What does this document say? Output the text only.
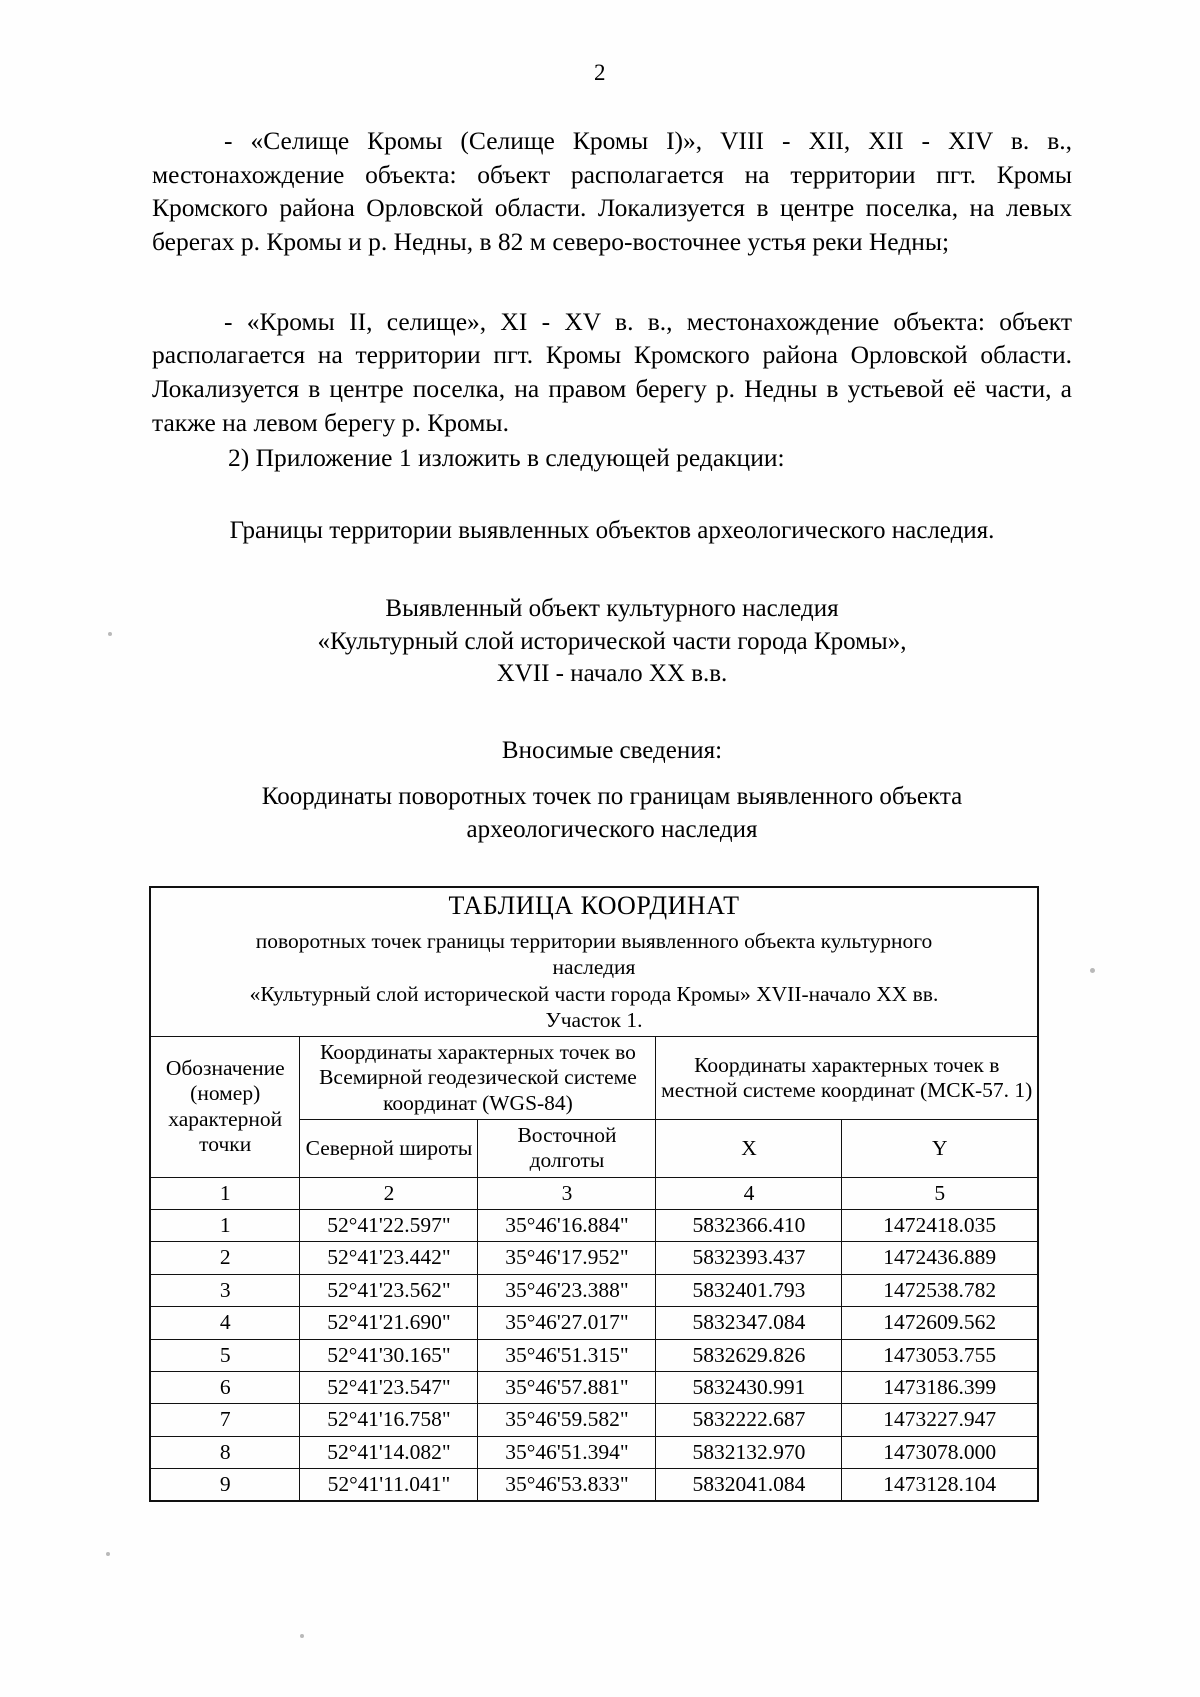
2

- «Селище Кромы (Селище Кромы I)», VIII - XII, XII - XIV в. в., местонахождение объекта: объект располагается на территории пгт. Кромы Кромского района Орловской области. Локализуется в центре поселка, на левых берегах р. Кромы и р. Недны, в 82 м северо-восточнее устья реки Недны;

- «Кромы II, селище», XI - XV в. в., местонахождение объекта: объект располагается на территории пгт. Кромы Кромского района Орловской области. Локализуется в центре поселка, на правом берегу р. Недны в устьевой её части, а также на левом берегу р. Кромы.

2) Приложение 1 изложить в следующей редакции:

Границы территории выявленных объектов археологического наследия.

Выявленный объект культурного наследия

«Культурный слой исторической части города Кромы»,

XVII - начало XX в.в.

Вносимые сведения:

Координаты поворотных точек по границам выявленного объекта

археологического наследия

ТАБЛИЦА КООРДИНАТ
поворотных точек границы территории выявленного объекта культурного
наследия
«Культурный слой исторической части города Кромы» XVII-начало XX вв.
Участок 1.				

Обозначение (номер) характерной точки	Координаты характерных точек во Всемирной геодезической системе координат (WGS-84)		Координаты характерных точек в местной системе координат (МСК-57. 1)	
	Северной широты	Восточной долготы	X	Y
1	2	3	4	5
1	52°41'22.597"	35°46'16.884"	5832366.410	1472418.035
2	52°41'23.442"	35°46'17.952"	5832393.437	1472436.889
3	52°41'23.562"	35°46'23.388"	5832401.793	1472538.782
4	52°41'21.690"	35°46'27.017"	5832347.084	1472609.562
5	52°41'30.165"	35°46'51.315"	5832629.826	1473053.755
6	52°41'23.547"	35°46'57.881"	5832430.991	1473186.399
7	52°41'16.758"	35°46'59.582"	5832222.687	1473227.947
8	52°41'14.082"	35°46'51.394"	5832132.970	1473078.000
9	52°41'11.041"	35°46'53.833"	5832041.084	1473128.104
